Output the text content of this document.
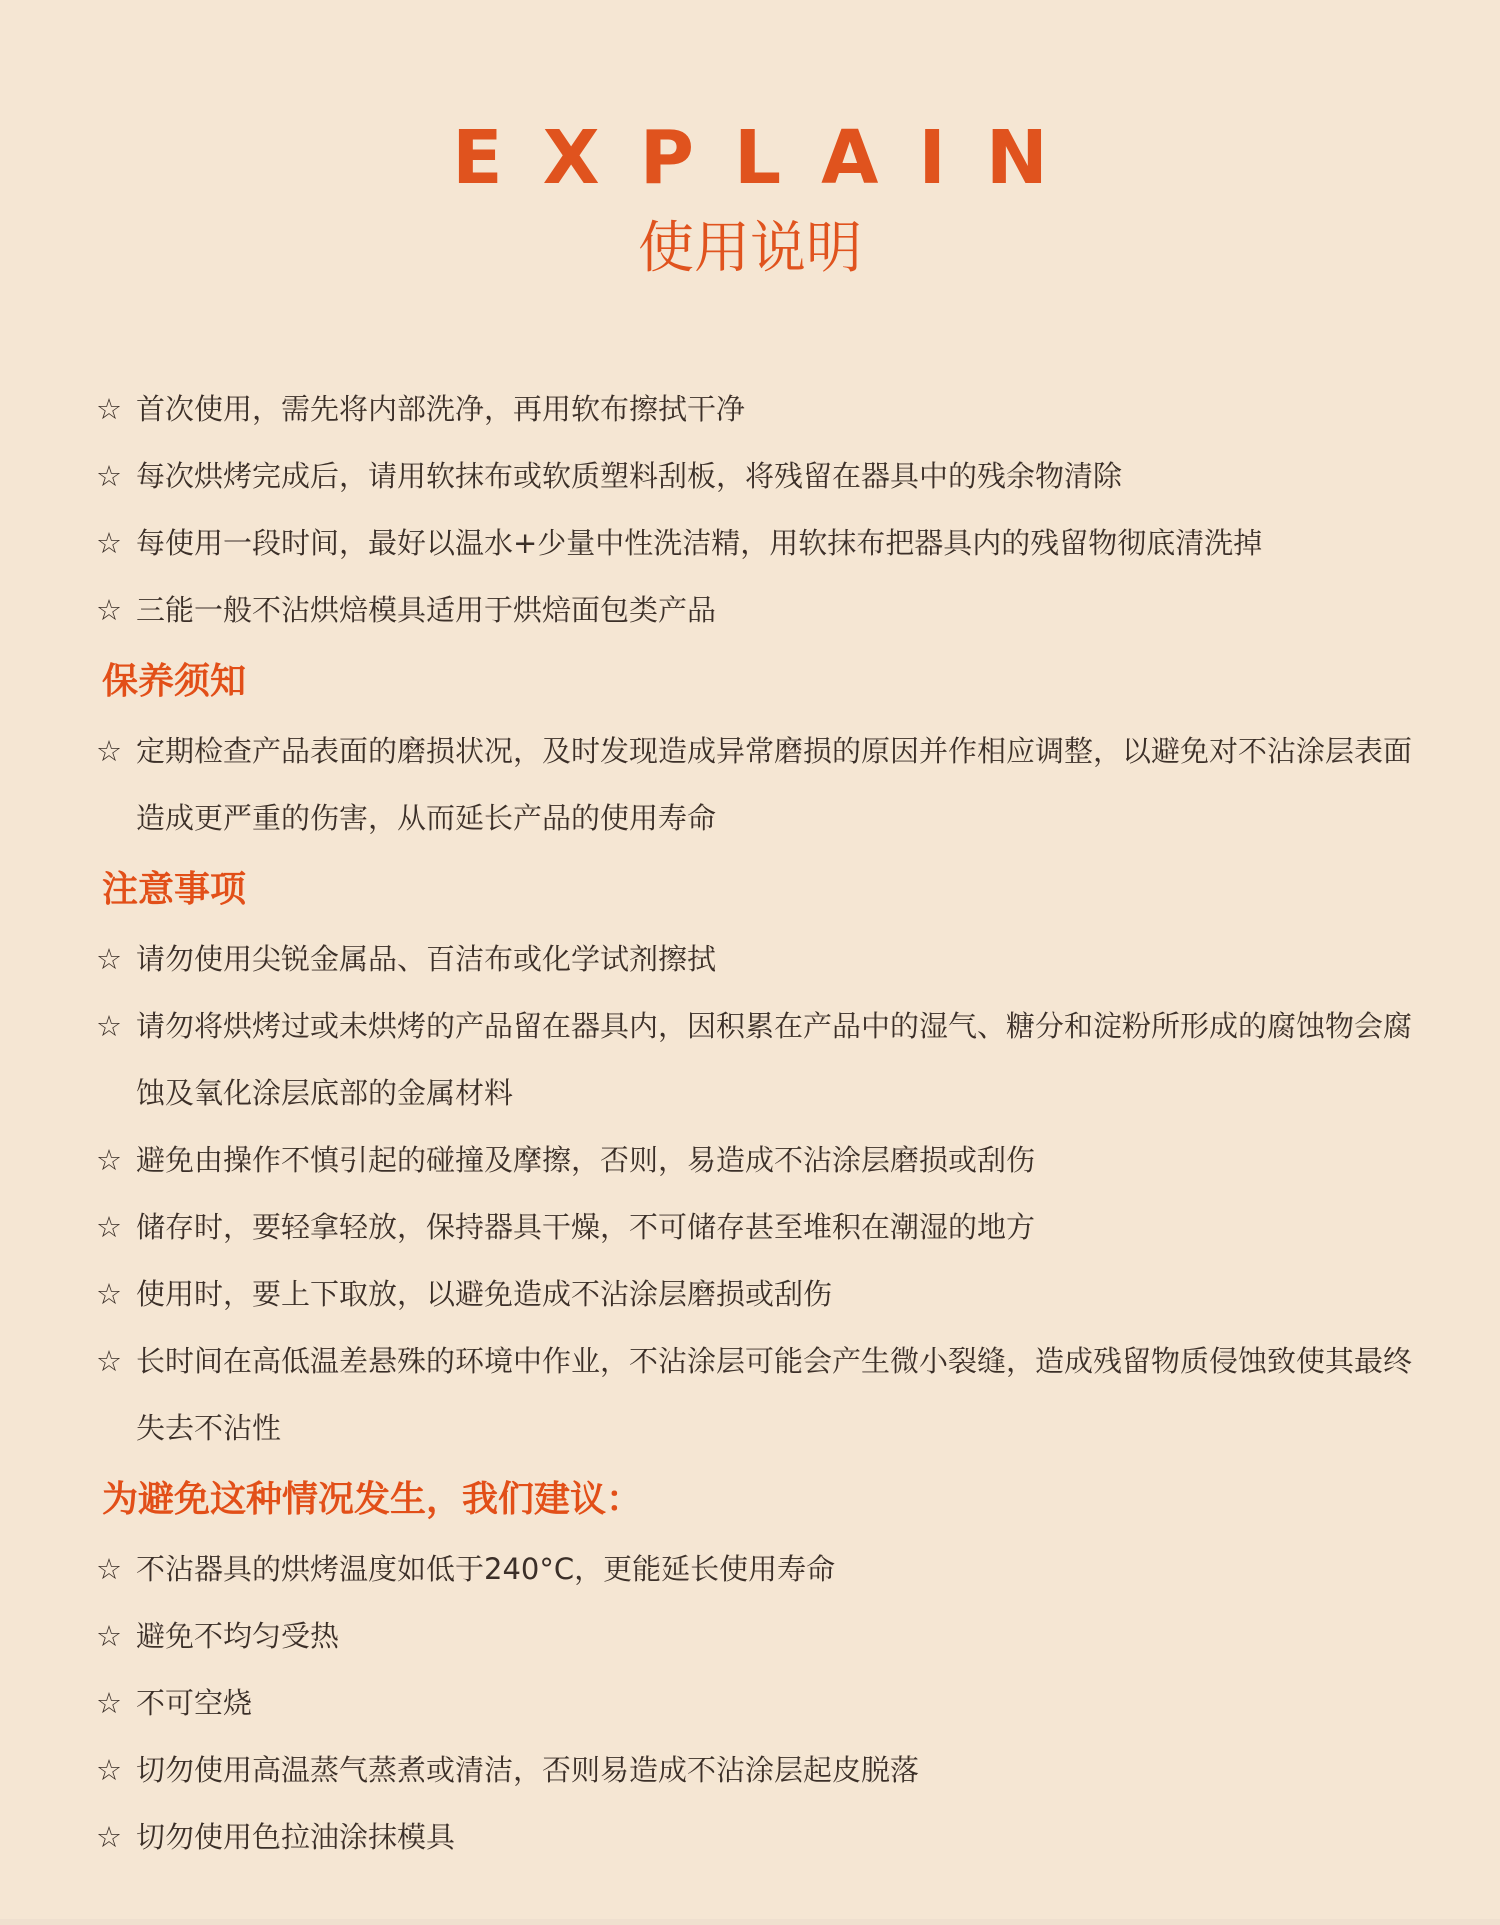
EXPLAIN
使用说明
☆ 首次使用，需先将内部洗净，再用软布擦拭干净
☆ 每次烘烤完成后，请用软抹布或软质塑料刮板，将残留在器具中的残余物清除
☆ 每使用一段时间，最好以温水+少量中性洗洁精，用软抹布把器具内的残留物彻底清洗掉
☆ 三能一般不沾烘焙模具适用于烘焙面包类产品
保养须知
☆ 定期检查产品表面的磨损状况，及时发现造成异常磨损的原因并作相应调整，以避免对不沾涂层表面造成更严重的伤害，从而延长产品的使用寿命
注意事项
☆ 请勿使用尖锐金属品、百洁布或化学试剂擦拭
☆ 请勿将烘烤过或未烘烤的产品留在器具内，因积累在产品中的湿气、糖分和淀粉所形成的腐蚀物会腐蚀及氧化涂层底部的金属材料
☆ 避免由操作不慎引起的碰撞及摩擦，否则，易造成不沾涂层磨损或刮伤
☆ 储存时，要轻拿轻放，保持器具干燥，不可储存甚至堆积在潮湿的地方
☆ 使用时，要上下取放，以避免造成不沾涂层磨损或刮伤
☆ 长时间在高低温差悬殊的环境中作业，不沾涂层可能会产生微小裂缝，造成残留物质侵蚀致使其最终失去不沾性
为避免这种情况发生，我们建议：
☆ 不沾器具的烘烤温度如低于240°C，更能延长使用寿命
☆ 避免不均匀受热
☆ 不可空烧
☆ 切勿使用高温蒸气蒸煮或清洁，否则易造成不沾涂层起皮脱落
☆ 切勿使用色拉油涂抹模具
